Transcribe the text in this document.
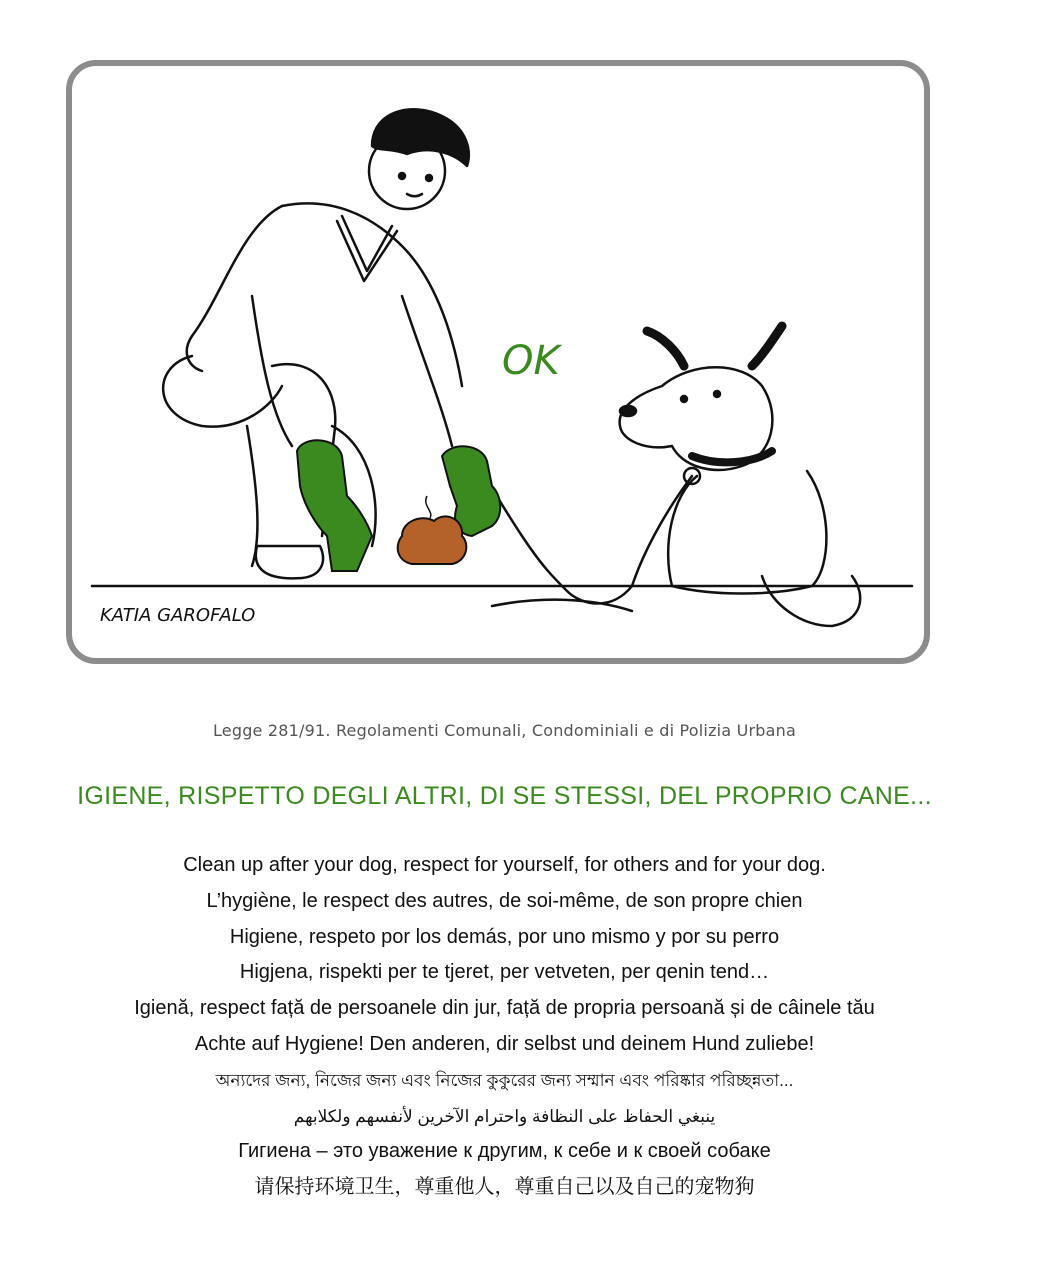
OK
KATIA GAROFALO
Legge 281/91. Regolamenti Comunali, Condominiali e di Polizia Urbana
IGIENE, RISPETTO DEGLI ALTRI, DI SE STESSI, DEL PROPRIO CANE...
Clean up after your dog, respect for yourself, for others and for your dog.
L’hygiène, le respect des autres, de soi-même, de son propre chien
Higiene, respeto por los demás, por uno mismo y por su perro
Higjena, rispekti per te tjeret, per vetveten, per qenin tend…
Igienă, respect față de persoanele din jur, față de propria persoană și de câinele tău
Achte auf Hygiene! Den anderen, dir selbst und deinem Hund zuliebe!
অন্যদের জন্য, নিজের জন্য এবং নিজের কুকুরের জন্য সম্মান এবং পরিষ্কার পরিচ্ছন্নতা...
ينبغي الحفاظ على النظافة واحترام الآخرين لأنفسهم ولكلابهم
Гигиена – это уважение к другим, к себе и к своей собаке
请保持环境卫生，尊重他人，尊重自己以及自己的宠物狗
